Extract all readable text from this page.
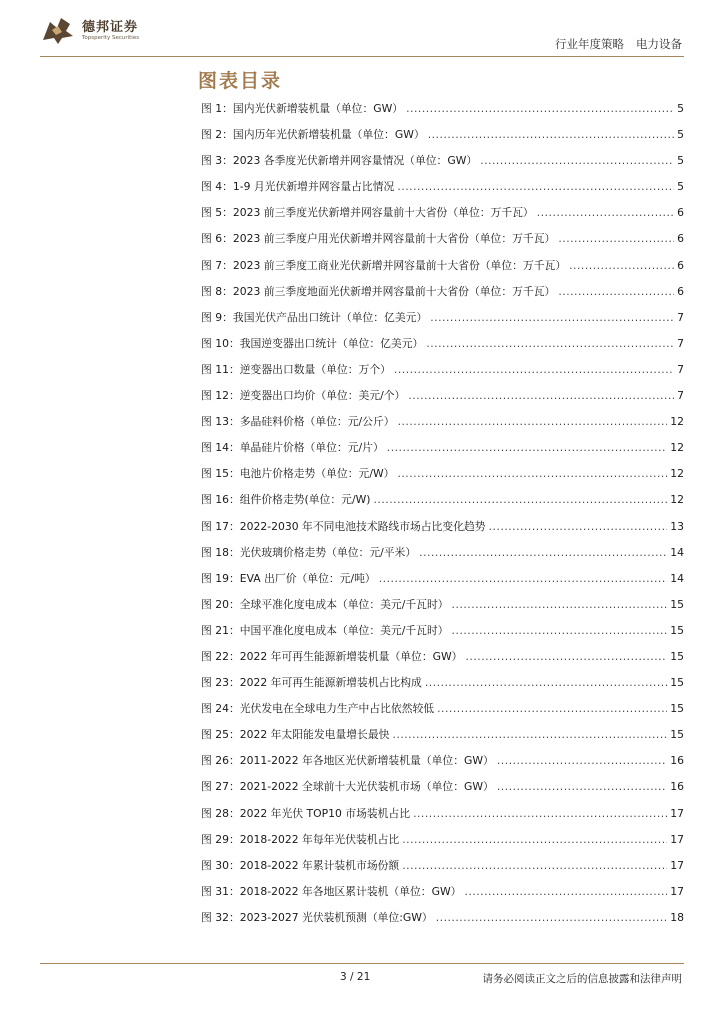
德邦证券
Topsperity Securities	行业年度策略 电力设备
图表目录
图 1：国内光伏新增装机量（单位：GW） .....	5
图 2：国内历年光伏新增装机量（单位：GW） .....	5
图 3：2023 各季度光伏新增并网容量情况（单位：GW） .....	5
图 4：1-9 月光伏新增并网容量占比情况 .....	5
图 5：2023 前三季度光伏新增并网容量前十大省份（单位：万千瓦） .....	6
图 6：2023 前三季度户用光伏新增并网容量前十大省份（单位：万千瓦） .....	6
图 7：2023 前三季度工商业光伏新增并网容量前十大省份（单位：万千瓦） .....	6
图 8：2023 前三季度地面光伏新增并网容量前十大省份（单位：万千瓦） .....	6
图 9：我国光伏产品出口统计（单位：亿美元） .....	7
图 10：我国逆变器出口统计（单位：亿美元） .....	7
图 11：逆变器出口数量（单位：万个） .....	7
图 12：逆变器出口均价（单位：美元/个） .....	7
图 13：多晶硅料价格（单位：元/公斤） .....	12
图 14：单晶硅片价格（单位：元/片） .....	12
图 15：电池片价格走势（单位：元/W） .....	12
图 16：组件价格走势(单位：元/W) .....	12
图 17：2022-2030 年不同电池技术路线市场占比变化趋势 .....	13
图 18：光伏玻璃价格走势（单位：元/平米） .....	14
图 19：EVA 出厂价（单位：元/吨） .....	14
图 20：全球平准化度电成本（单位：美元/千瓦时） .....	15
图 21：中国平准化度电成本（单位：美元/千瓦时） .....	15
图 22：2022 年可再生能源新增装机量（单位：GW） .....	15
图 23：2022 年可再生能源新增装机占比构成 .....	15
图 24：光伏发电在全球电力生产中占比依然较低 .....	15
图 25：2022 年太阳能发电量增长最快 .....	15
图 26：2011-2022 年各地区光伏新增装机量（单位：GW） .....	16
图 27：2021-2022 全球前十大光伏装机市场（单位：GW） .....	16
图 28：2022 年光伏 TOP10 市场装机占比 .....	17
图 29：2018-2022 年每年光伏装机占比 .....	17
图 30：2018-2022 年累计装机市场份额 .....	17
图 31：2018-2022 年各地区累计装机（单位：GW） .....	17
图 32：2023-2027 光伏装机预测（单位:GW） .....	18
3 / 21	请务必阅读正文之后的信息披露和法律声明
